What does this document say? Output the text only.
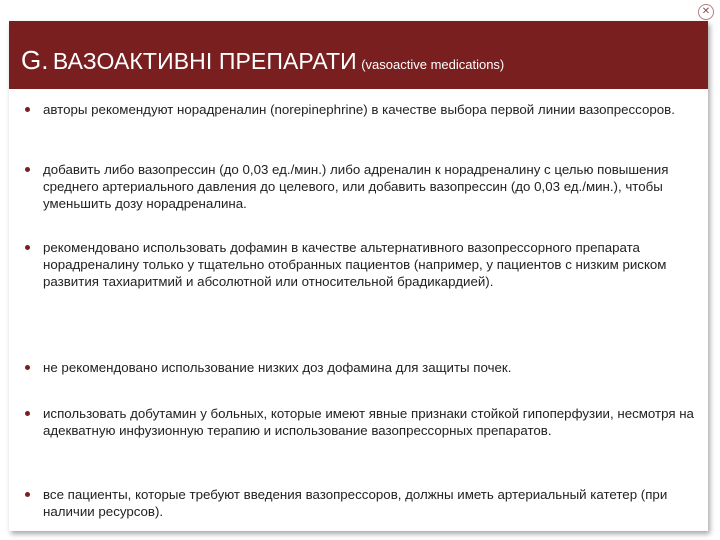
✕
G. ВАЗОАКТИВНІ ПРЕПАРАТИ (vasoactive medications)
авторы рекомендуют норадреналин (norepinephrine) в качестве выбора первой линии вазопрессоров.
добавить либо вазопрессин (до 0,03 ед./мин.) либо адреналин к норадреналину с целью повышения среднего артериального давления до целевого, или добавить вазопрессин (до 0,03 ед./мин.), чтобы уменьшить дозу норадреналина.
рекомендовано использовать дофамин в качестве альтернативного вазопрессорного препарата норадреналину только у тщательно отобранных пациентов (например, у пациентов с низким риском развития тахиаритмий и абсолютной или относительной брадикардией).
не рекомендовано использование низких доз дофамина для защиты почек.
использовать добутамин у больных, которые имеют явные признаки стойкой гипоперфузии, несмотря на адекватную инфузионную терапию и использование вазопрессорных препаратов.
все пациенты, которые требуют введения вазопрессоров, должны иметь артериальный катетер (при наличии ресурсов).
